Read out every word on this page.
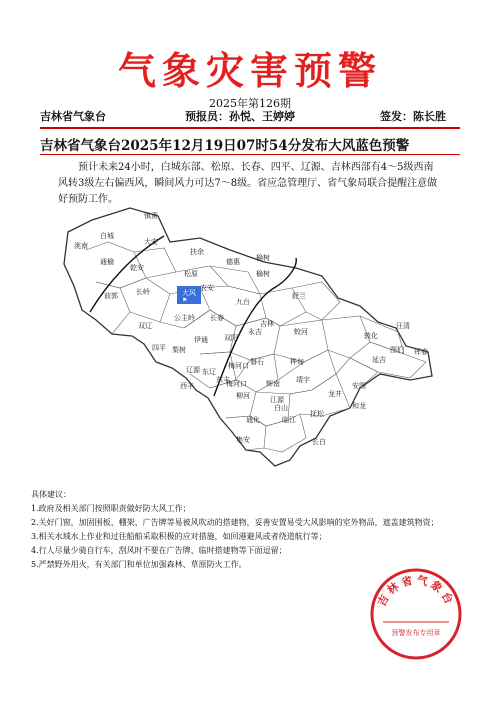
气象灾害预警
2025年第126期
吉林省气象台	预报员：孙悦、王婷婷	签发：陈长胜
吉林省气象台2025年12月19日07时54分发布大风蓝色预警
预计未来24小时，白城东部、松原、长春、四平、辽源、吉林西部有4～5级西南风转3级左右偏西风，瞬间风力可达7～8级。省应急管理厅、省气象局联合提醒注意做好预防工作。
大风
⚑
镇赉
洮南
白城
大安
通榆
乾安
扶余
前郭
松原
长岭
德惠 榆树
舒兰
蛟河	敦化
安图
和龙
龙井
延吉
图们
汪清
珲春
九台
长春
公主岭
双辽
四平 梨树
伊通 双阳
磐石	桦甸
吉林
永吉
东丰
东辽
辽源
柳河
梅河口	辉南 靖宇
抚松
长白
临江
江源
白山
通化
集安
西丰
农安
榆树
梅河口
具体建议：
1.政府及相关部门按照职责做好防大风工作；
2.关好门窗，加固围板、棚架、广告牌等易被风吹动的搭建物，妥善安置易受大风影响的室外物品，遮盖建筑物资；
3.相关水域水上作业和过往船舶采取积极的应对措施，如回港避风或者绕道航行等；
4.行人尽量少骑自行车，刮风时不要在广告牌、临时搭建物等下面逗留；
5.严禁野外用火，有关部门和单位加强森林、草原防火工作。
吉林省气象台
预警发布专用章
